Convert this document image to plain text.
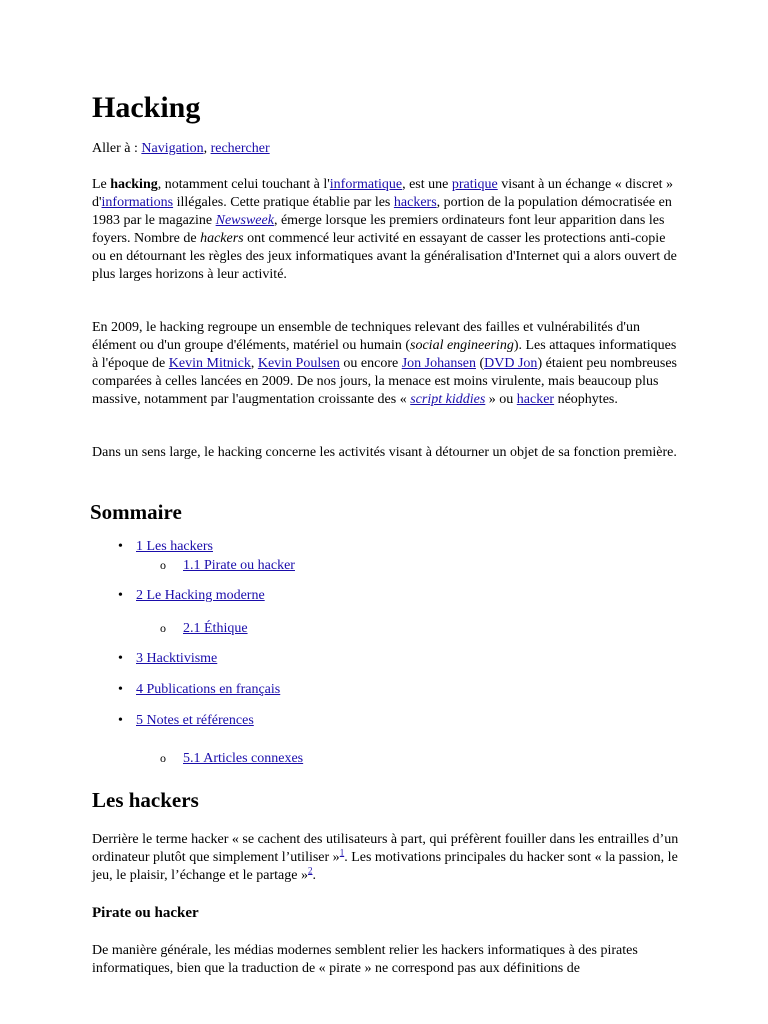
Hacking
Aller à : Navigation, rechercher

Le hacking, notamment celui touchant à l'informatique, est une pratique visant à un échange « discret » d'informations illégales. Cette pratique établie par les hackers, portion de la population démocratisée en 1983 par le magazine Newsweek, émerge lorsque les premiers ordinateurs font leur apparition dans les foyers. Nombre de hackers ont commencé leur activité en essayant de casser les protections anti-copie ou en détournant les règles des jeux informatiques avant la généralisation d'Internet qui a alors ouvert de plus larges horizons à leur activité.

En 2009, le hacking regroupe un ensemble de techniques relevant des failles et vulnérabilités d'un élément ou d'un groupe d'éléments, matériel ou humain (social engineering). Les attaques informatiques à l'époque de Kevin Mitnick, Kevin Poulsen ou encore Jon Johansen (DVD Jon) étaient peu nombreuses comparées à celles lancées en 2009. De nos jours, la menace est moins virulente, mais beaucoup plus massive, notamment par l'augmentation croissante des « script kiddies » ou hacker néophytes.

Dans un sens large, le hacking concerne les activités visant à détourner un objet de sa fonction première.

Sommaire
• 1 Les hackers
o 1.1 Pirate ou hacker
• 2 Le Hacking moderne
o 2.1 Éthique
• 3 Hacktivisme
• 4 Publications en français
• 5 Notes et références
o 5.1 Articles connexes
Les hackers

Derrière le terme hacker « se cachent des utilisateurs à part, qui préfèrent fouiller dans les entrailles d’un ordinateur plutôt que simplement l’utiliser »$^1$. Les motivations principales du hacker sont « la passion, le jeu, le plaisir, l’échange et le partage »$^2$.

Pirate ou hacker

De manière générale, les médias modernes semblent relier les hackers informatiques à des pirates informatiques, bien que la traduction de « pirate » ne correspond pas aux définitions de
